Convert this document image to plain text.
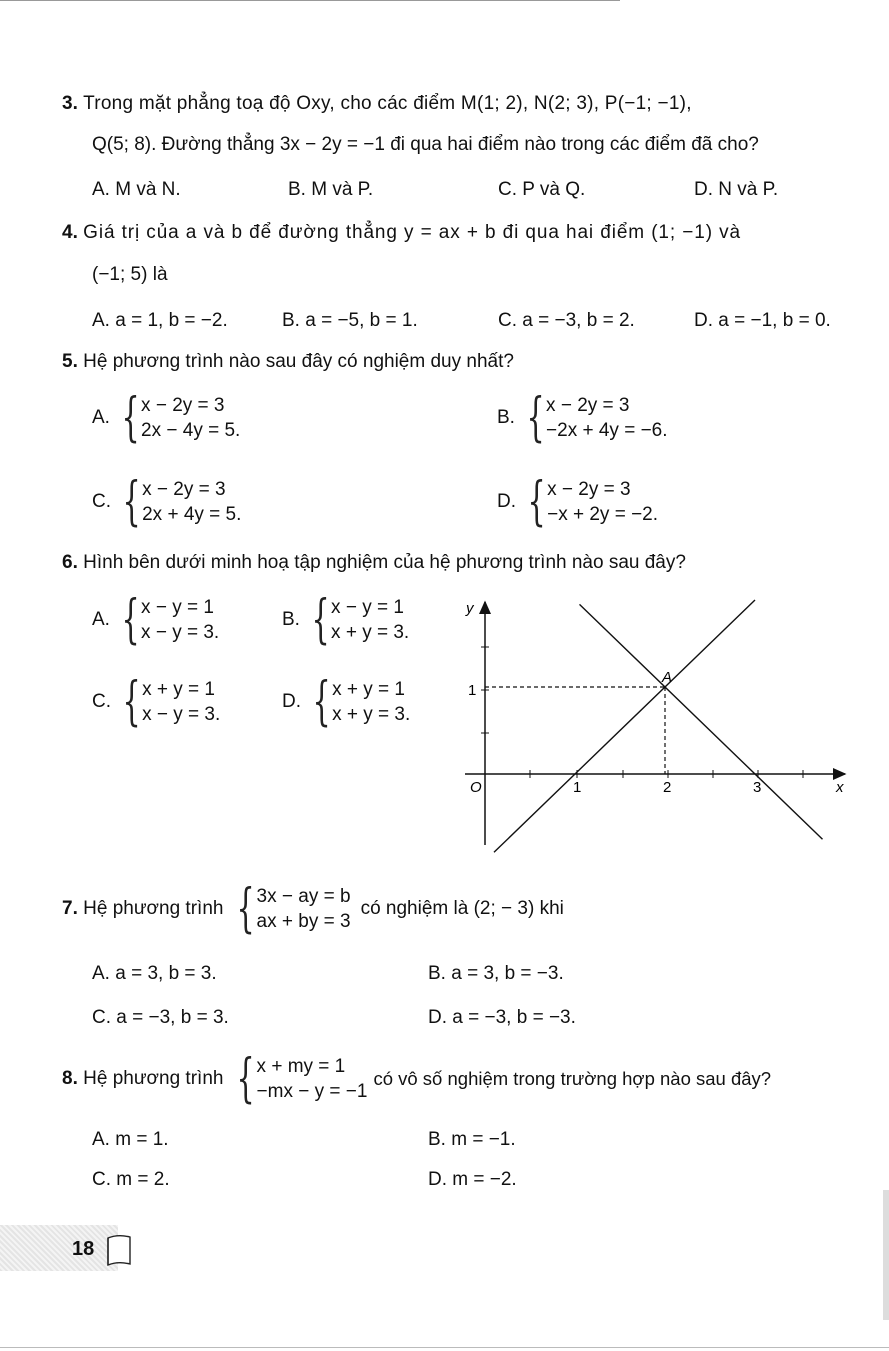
3. Trong mặt phẳng toạ độ Oxy, cho các điểm M(1; 2), N(2; 3), P(−1; −1),
Q(5; 8). Đường thẳng 3x − 2y = −1 đi qua hai điểm nào trong các điểm đã cho?
A. M và N.	B. M và P.	C. P và Q.	D. N và P.
4. Giá trị của a và b để đường thẳng y = ax + b đi qua hai điểm (1; −1) và
(−1; 5) là
A. a = 1, b = −2.	B. a = −5, b = 1.	C. a = −3, b = 2.	D. a = −1, b = 0.
5. Hệ phương trình nào sau đây có nghiệm duy nhất?
A. { x − 2y = 3
2x − 4y = 5.
B. { x − 2y = 3
−2x + 4y = −6.
C. { x − 2y = 3
2x + 4y = 5.
D. { x − 2y = 3
−x + 2y = −2.
6. Hình bên dưới minh hoạ tập nghiệm của hệ phương trình nào sau đây?
A. { x − y = 1
x − y = 3.
B. { x − y = 1
x + y = 3.
C. { x + y = 1
x − y = 3.
D. { x + y = 1
x + y = 3.
y
x
O
1
1	2	3
A
7. Hệ phương trình { 3x − ay = b
ax + by = 3
có nghiệm là (2; − 3) khi
A. a = 3, b = 3.	B. a = 3, b = −3.
C. a = −3, b = 3.	D. a = −3, b = −3.
8. Hệ phương trình { x + my = 1
−mx − y = −1
có vô số nghiệm trong trường hợp nào sau đây?
A. m = 1.	B. m = −1.
C. m = 2.	D. m = −2.
18
